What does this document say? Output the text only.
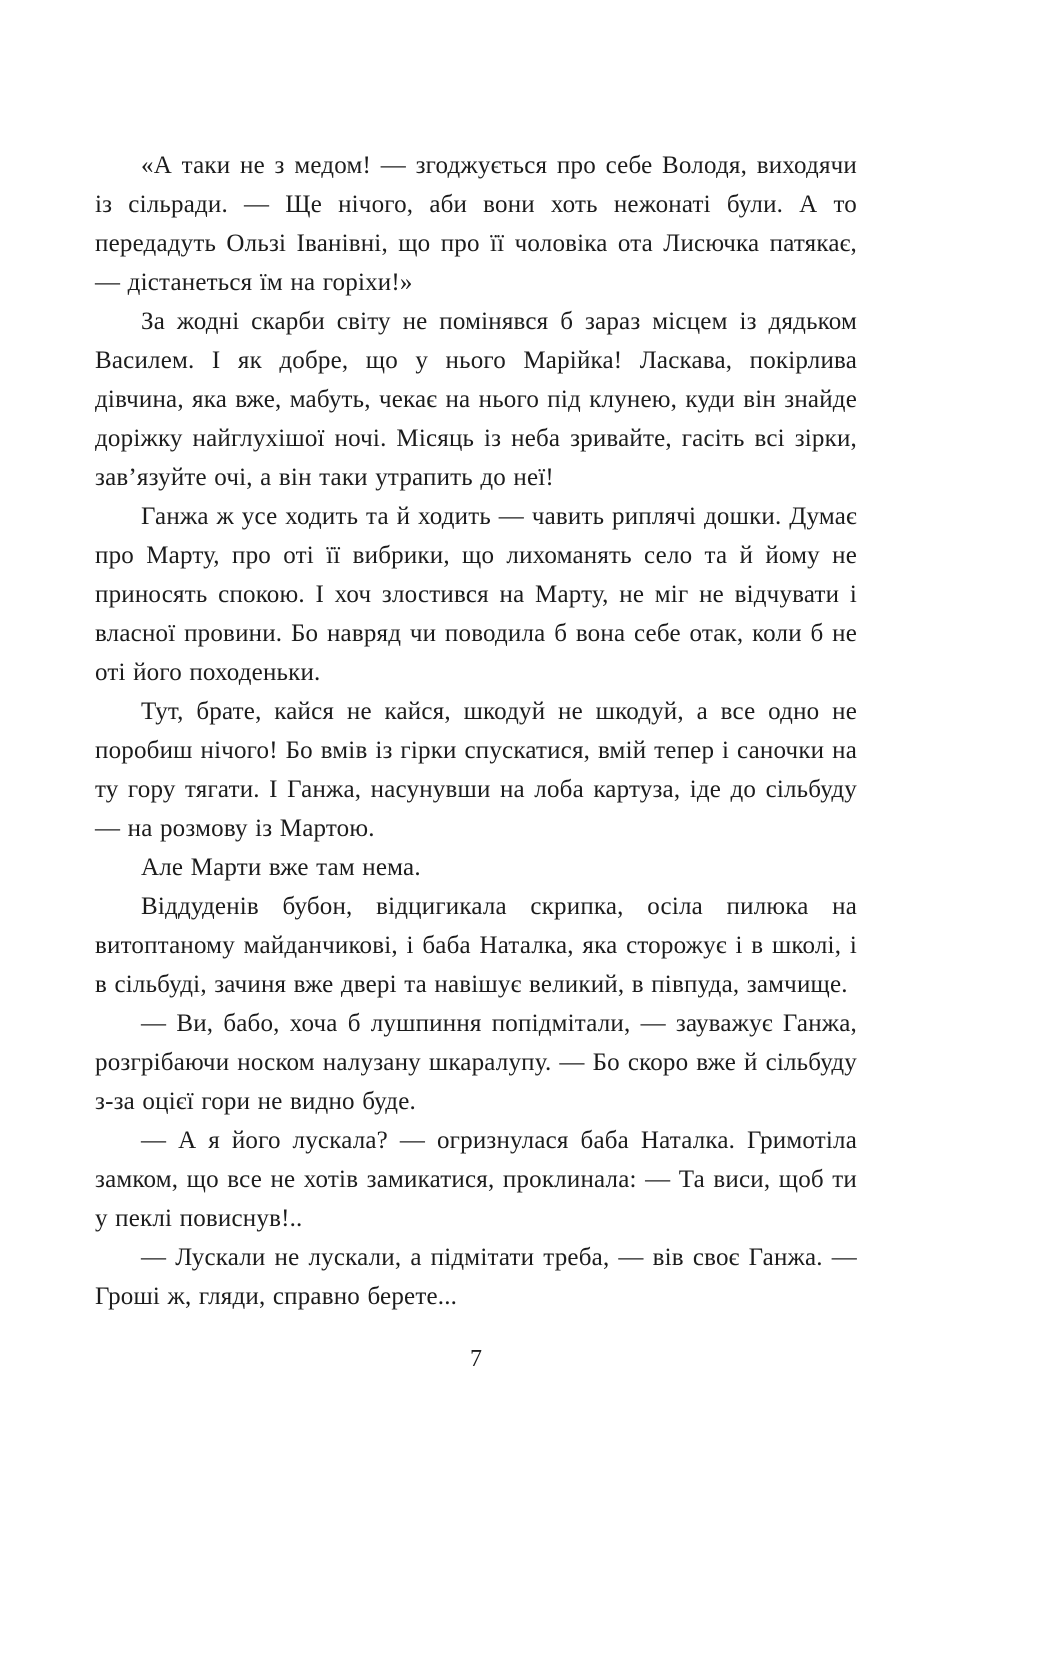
«А таки не з медом! — згоджується про себе Володя, виходячи із сільради. — Ще нічого, аби вони хоть нежонаті були. А то передадуть Ользі Іванівні, що про її чоловіка ота Лисючка патякає, — дістанеться їм на горіхи!»

За жодні скарби світу не помінявся б зараз місцем із дядьком Василем. І як добре, що у нього Марійка! Ласкава, покірлива дівчина, яка вже, мабуть, чекає на нього під клунею, куди він знайде доріжку найглухішої ночі. Місяць із неба зривайте, гасіть всі зірки, зав’язуйте очі, а він таки утрапить до неї!

Ганжа ж усе ходить та й ходить — чавить риплячі дошки. Думає про Марту, про оті її вибрики, що лихоманять село та й йому не приносять спокою. І хоч злостився на Марту, не міг не відчувати і власної провини. Бо навряд чи поводила б вона себе отак, коли б не оті його походеньки.

Тут, брате, кайся не кайся, шкодуй не шкодуй, а все одно не поробиш нічого! Бо вмів із гірки спускатися, вмій тепер і саночки на ту гору тягати. І Ганжа, насунувши на лоба картуза, іде до сільбуду — на розмову із Мартою.

Але Марти вже там нема.

Віддуденів бубон, відцигикала скрипка, осіла пилюка на витоптаному майданчикові, і баба Наталка, яка сторожує і в школі, і в сільбуді, зачиня вже двері та навішує великий, в півпуда, замчище.

— Ви, бабо, хоча б лушпиння попідмітали, — зауважує Ганжа, розгрібаючи носком налузану шкаралупу. — Бо скоро вже й сільбуду з-за оцієї гори не видно буде.

— А я його лускала? — огризнулася баба Наталка. Гримотіла замком, що все не хотів замикатися, проклинала: — Та виси, щоб ти у пеклі повиснув!..

— Лускали не лускали, а підмітати треба, — вів своє Ганжа. — Гроші ж, гляди, справно берете...

7
